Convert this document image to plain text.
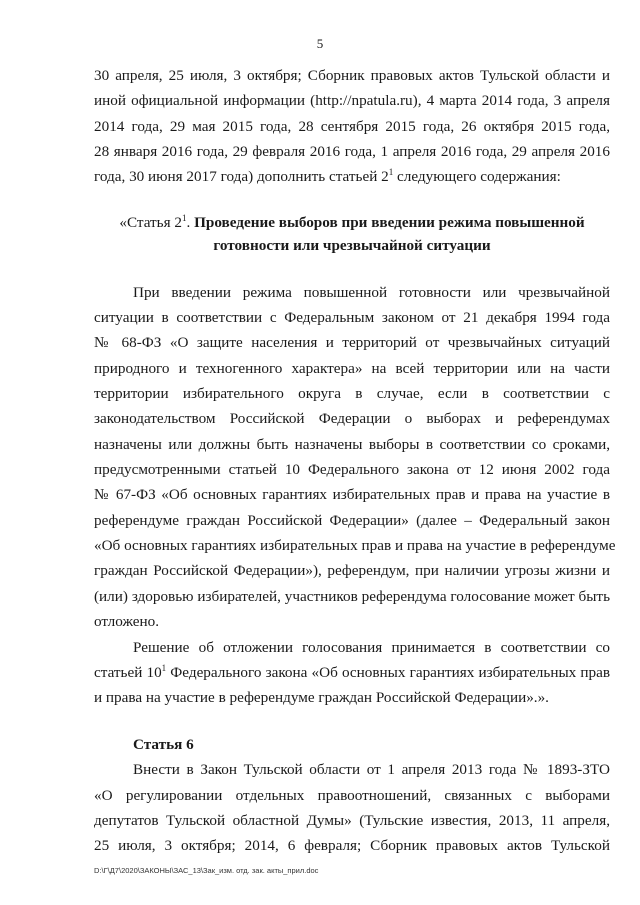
5
30 апреля, 25 июля, 3 октября; Сборник правовых актов Тульской области и
иной официальной информации (http://npatula.ru), 4 марта 2014 года, 3 апреля
2014 года, 29 мая 2015 года, 28 сентября 2015 года, 26 октября 2015 года,
28 января 2016 года, 29 февраля 2016 года, 1 апреля 2016 года, 29 апреля 2016
года, 30 июня 2017 года) дополнить статьей $2^1$ следующего содержания:
«Статья $2^1$. Проведение выборов при введении режима повышенной
готовности или чрезвычайной ситуации
При введении режима повышенной готовности или чрезвычайной
ситуации в соответствии с Федеральным законом от 21 декабря 1994 года
№ 68-ФЗ «О защите населения и территорий от чрезвычайных ситуаций
природного и техногенного характера» на всей территории или на части
территории избирательного округа в случае, если в соответствии с
законодательством Российской Федерации о выборах и референдумах
назначены или должны быть назначены выборы в соответствии со сроками,
предусмотренными статьей 10 Федерального закона от 12 июня 2002 года
№ 67-ФЗ «Об основных гарантиях избирательных прав и права на участие в
референдуме граждан Российской Федерации» (далее – Федеральный закон
«Об основных гарантиях избирательных прав и права на участие в референдуме
граждан Российской Федерации»), референдум, при наличии угрозы жизни и
(или) здоровью избирателей, участников референдума голосование может быть
отложено.
Решение об отложении голосования принимается в соответствии со
статьей $10^1$ Федерального закона «Об основных гарантиях избирательных прав
и права на участие в референдуме граждан Российской Федерации».».
Статья 6
Внести в Закон Тульской области от 1 апреля 2013 года № 1893-ЗТО
«О регулировании отдельных правоотношений, связанных с выборами
депутатов Тульской областной Думы» (Тульские известия, 2013, 11 апреля,
25 июля, 3 октября; 2014, 6 февраля; Сборник правовых актов Тульской
D:\Г\Д7\2020\ЗАКОНЫ\ЗАС_13\Зак_изм. отд. зак. акты_прил.doc
